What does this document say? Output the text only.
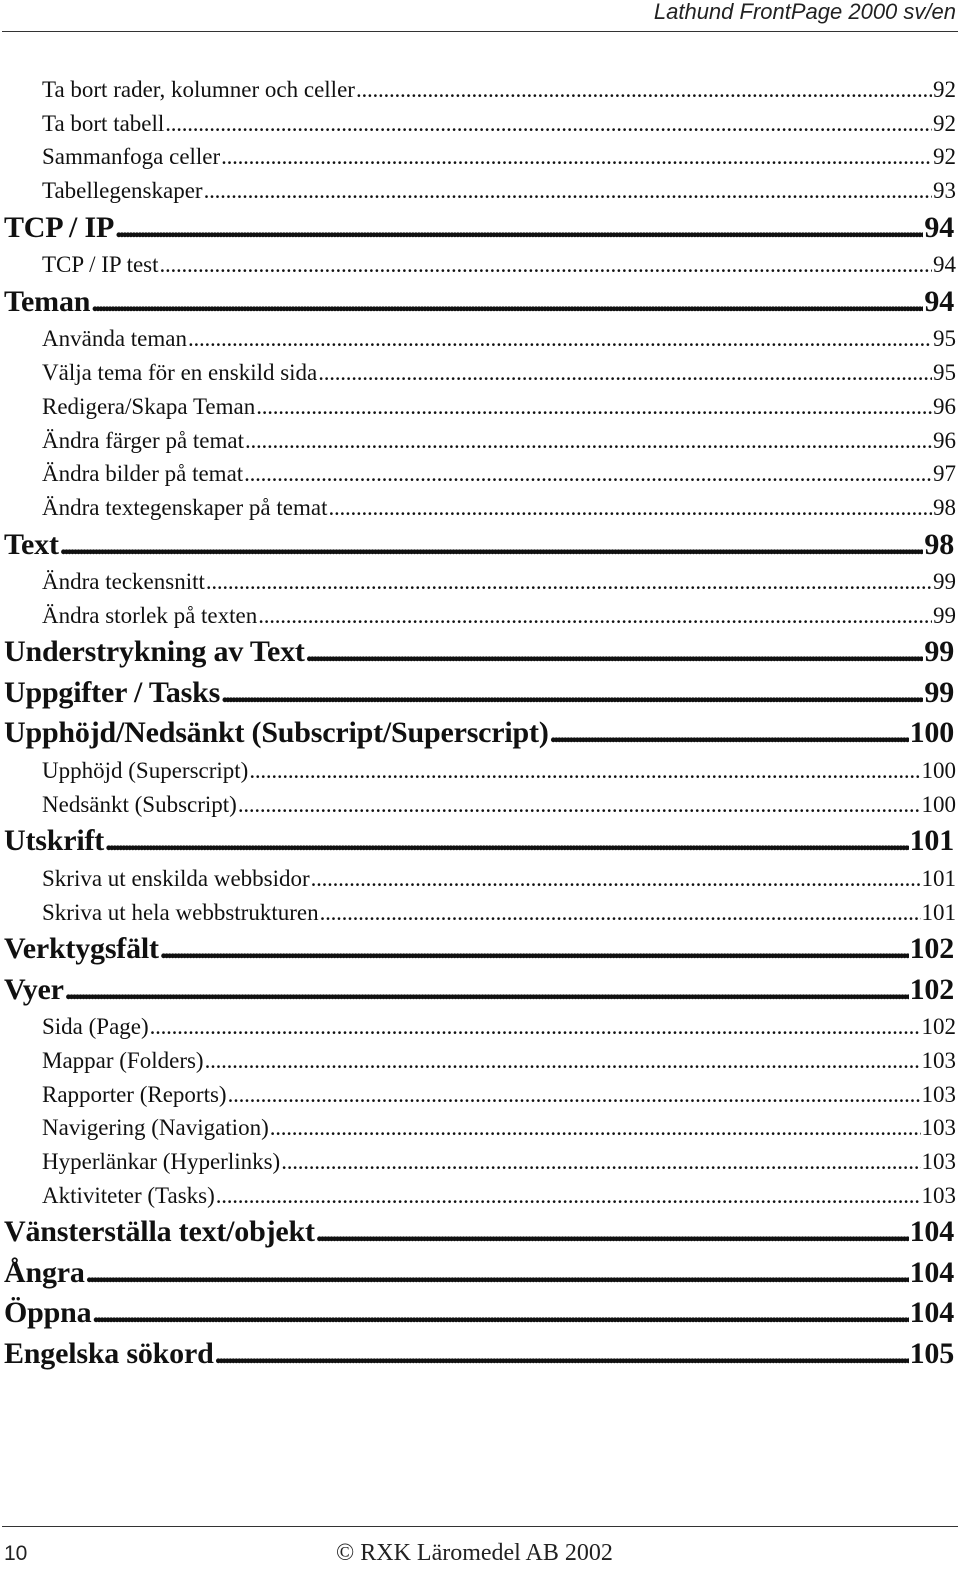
Lathund FrontPage 2000 sv/en
Ta bort rader, kolumner och celler . . .	92
Ta bort tabell . . .	92
Sammanfoga celler . . .	92
Tabellegenskaper . . .	93
TCP / IP . . .	94
TCP / IP test . . .	94
Teman . . .	94
Använda teman . . .	95
Välja tema för en enskild sida . . .	95
Redigera/Skapa Teman . . .	96
Ändra färger på temat . . .	96
Ändra bilder på temat . . .	97
Ändra textegenskaper på temat . . .	98
Text . . .	98
Ändra teckensnitt . . .	99
Ändra storlek på texten . . .	99
Understrykning av Text . . .	99
Uppgifter / Tasks . . .	99
Upphöjd/Nedsänkt (Subscript/Superscript) . . .	100
Upphöjd (Superscript) . . .	100
Nedsänkt (Subscript) . . .	100
Utskrift . . .	101
Skriva ut enskilda webbsidor . . .	101
Skriva ut hela webbstrukturen . . .	101
Verktygsfält . . .	102
Vyer . . .	102
Sida (Page) . . .	102
Mappar (Folders) . . .	103
Rapporter (Reports) . . .	103
Navigering (Navigation) . . .	103
Hyperlänkar (Hyperlinks) . . .	103
Aktiviteter (Tasks) . . .	103
Vänsterställa text/objekt . . .	104
Ångra . . .	104
Öppna . . .	104
Engelska sökord . . .	105
10	© RXK Läromedel AB 2002
